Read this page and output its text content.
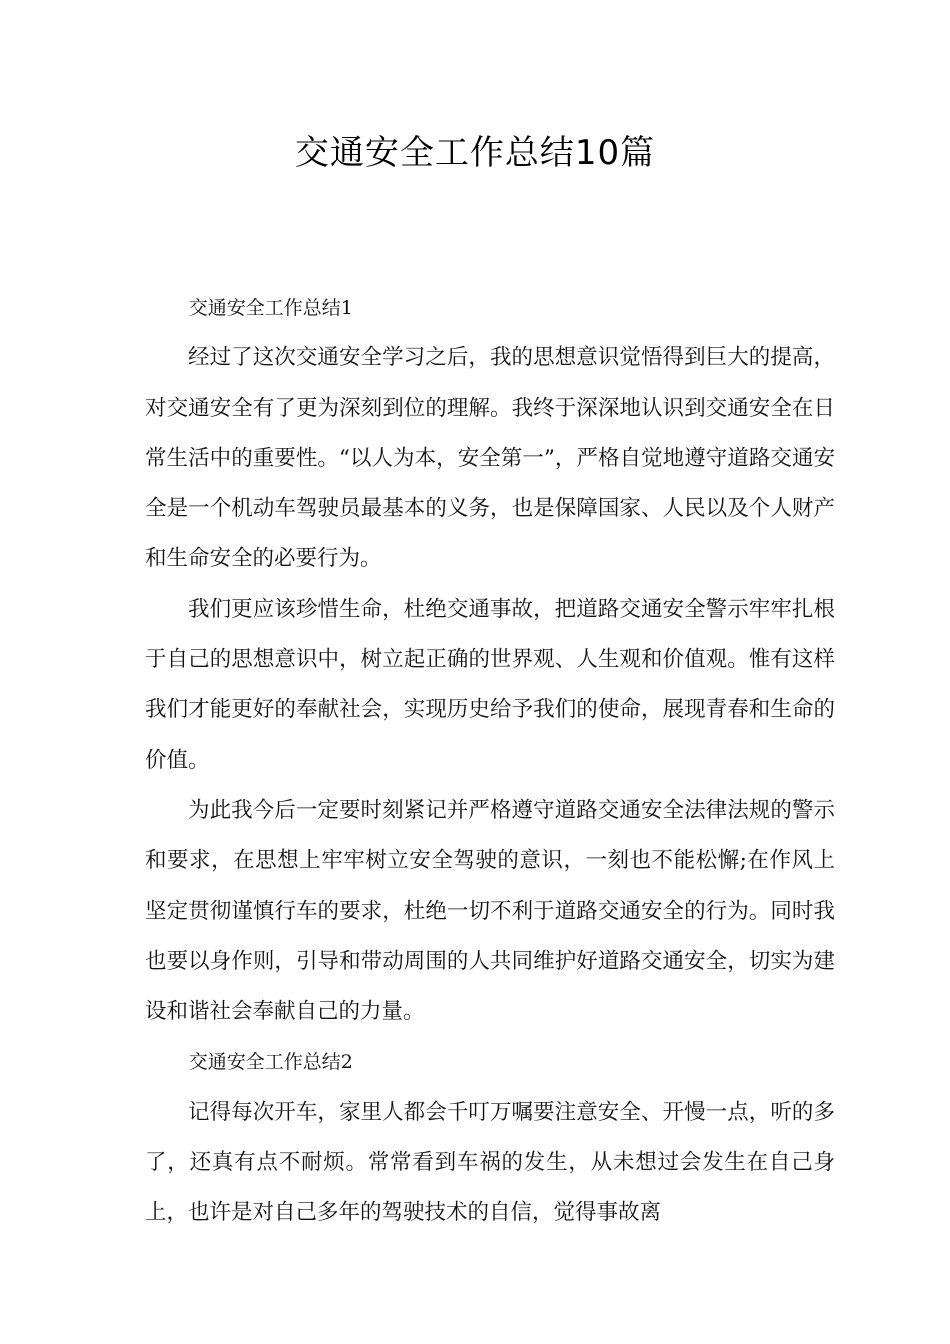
交通安全工作总结10篇

交通安全工作总结1

经过了这次交通安全学习之后，我的思想意识觉悟得到巨大的提高，对交通安全有了更为深刻到位的理解。我终于深深地认识到交通安全在日常生活中的重要性。“以人为本，安全第一”，严格自觉地遵守道路交通安全是一个机动车驾驶员最基本的义务，也是保障国家、人民以及个人财产和生命安全的必要行为。

我们更应该珍惜生命，杜绝交通事故，把道路交通安全警示牢牢扎根于自己的思想意识中，树立起正确的世界观、人生观和价值观。惟有这样我们才能更好的奉献社会，实现历史给予我们的使命，展现青春和生命的价值。

为此我今后一定要时刻紧记并严格遵守道路交通安全法律法规的警示和要求，在思想上牢牢树立安全驾驶的意识，一刻也不能松懈;在作风上坚定贯彻谨慎行车的要求，杜绝一切不利于道路交通安全的行为。同时我也要以身作则，引导和带动周围的人共同维护好道路交通安全，切实为建设和谐社会奉献自己的力量。

交通安全工作总结2

记得每次开车，家里人都会千叮万嘱要注意安全、开慢一点，听的多了，还真有点不耐烦。常常看到车祸的发生，从未想过会发生在自己身上，也许是对自己多年的驾驶技术的自信，觉得事故离
